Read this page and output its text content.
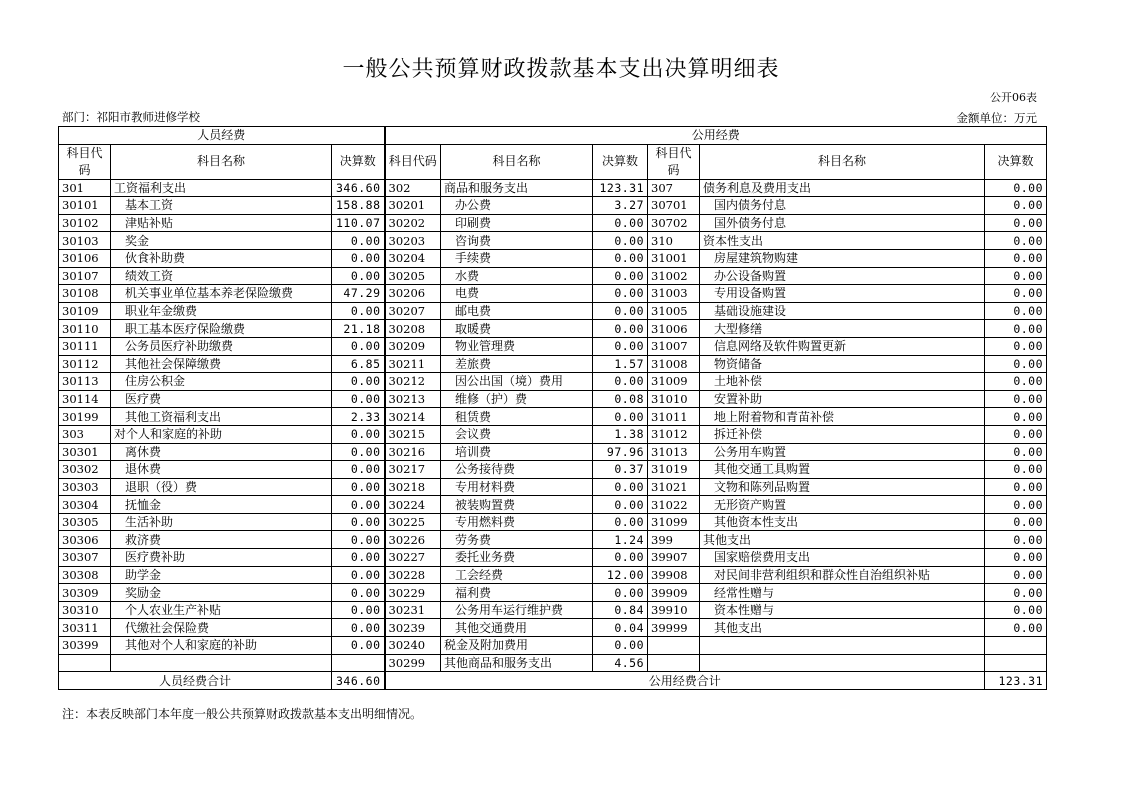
一般公共预算财政拨款基本支出决算明细表
公开06表
部门：祁阳市教师进修学校	金额单位：万元
人员经费			公用经费					
科目代码	科目名称	决算数	科目代码	科目名称	决算数	科目代码	科目名称	决算数
301	工资福利支出	346.60	302	商品和服务支出	123.31	307	债务利息及费用支出	0.00
30101	基本工资	158.88	30201	办公费	3.27	30701	国内债务付息	0.00
30102	津贴补贴	110.07	30202	印刷费	0.00	30702	国外债务付息	0.00
30103	奖金	0.00	30203	咨询费	0.00	310	资本性支出	0.00
30106	伙食补助费	0.00	30204	手续费	0.00	31001	房屋建筑物购建	0.00
30107	绩效工资	0.00	30205	水费	0.00	31002	办公设备购置	0.00
30108	机关事业单位基本养老保险缴费	47.29	30206	电费	0.00	31003	专用设备购置	0.00
30109	职业年金缴费	0.00	30207	邮电费	0.00	31005	基础设施建设	0.00
30110	职工基本医疗保险缴费	21.18	30208	取暖费	0.00	31006	大型修缮	0.00
30111	公务员医疗补助缴费	0.00	30209	物业管理费	0.00	31007	信息网络及软件购置更新	0.00
30112	其他社会保障缴费	6.85	30211	差旅费	1.57	31008	物资储备	0.00
30113	住房公积金	0.00	30212	因公出国（境）费用	0.00	31009	土地补偿	0.00
30114	医疗费	0.00	30213	维修（护）费	0.08	31010	安置补助	0.00
30199	其他工资福利支出	2.33	30214	租赁费	0.00	31011	地上附着物和青苗补偿	0.00
303	对个人和家庭的补助	0.00	30215	会议费	1.38	31012	拆迁补偿	0.00
30301	离休费	0.00	30216	培训费	97.96	31013	公务用车购置	0.00
30302	退休费	0.00	30217	公务接待费	0.37	31019	其他交通工具购置	0.00
30303	退职（役）费	0.00	30218	专用材料费	0.00	31021	文物和陈列品购置	0.00
30304	抚恤金	0.00	30224	被装购置费	0.00	31022	无形资产购置	0.00
30305	生活补助	0.00	30225	专用燃料费	0.00	31099	其他资本性支出	0.00
30306	救济费	0.00	30226	劳务费	1.24	399	其他支出	0.00
30307	医疗费补助	0.00	30227	委托业务费	0.00	39907	国家赔偿费用支出	0.00
30308	助学金	0.00	30228	工会经费	12.00	39908	对民间非营利组织和群众性自治组织补贴	0.00
30309	奖励金	0.00	30229	福利费	0.00	39909	经常性赠与	0.00
30310	个人农业生产补贴	0.00	30231	公务用车运行维护费	0.84	39910	资本性赠与	0.00
30311	代缴社会保险费	0.00	30239	其他交通费用	0.04	39999	其他支出	0.00
30399	其他对个人和家庭的补助	0.00	30240	税金及附加费用	0.00			
			30299	其他商品和服务支出	4.56			
人员经费合计		346.60	公用经费合计					123.31
注：本表反映部门本年度一般公共预算财政拨款基本支出明细情况。
